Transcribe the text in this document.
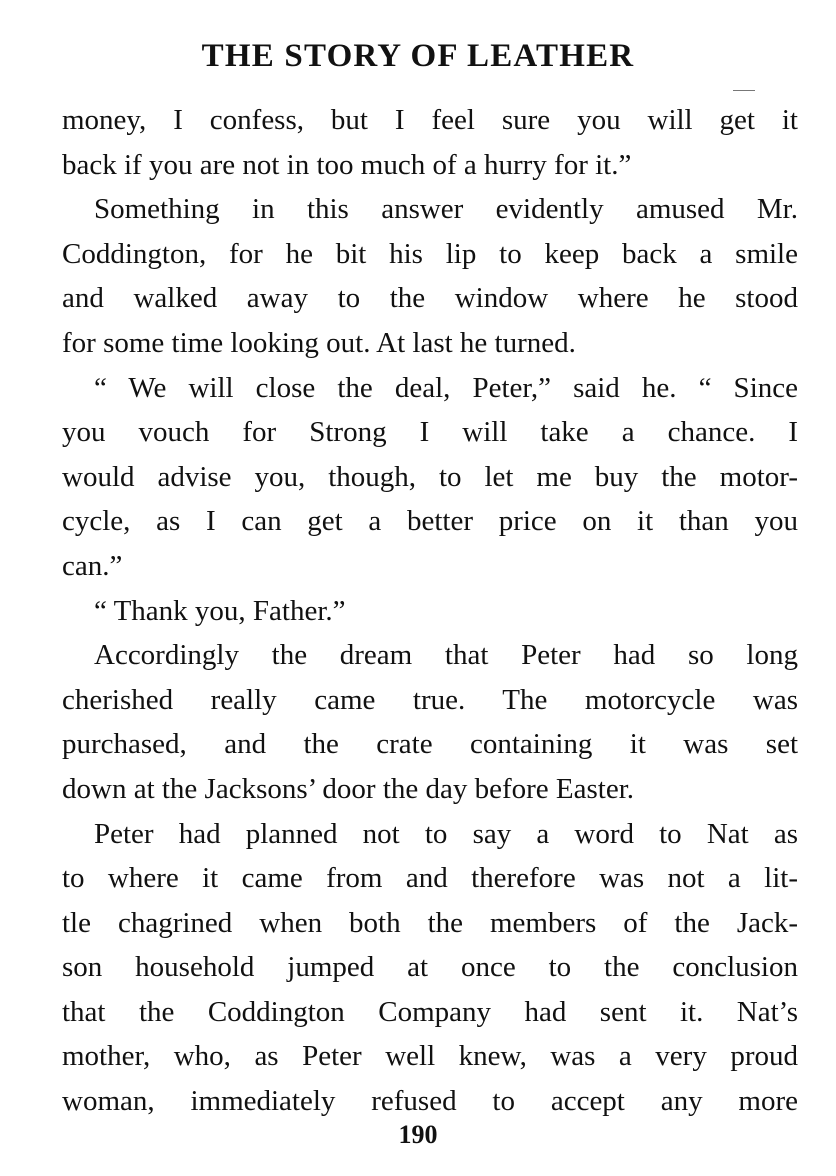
THE STORY OF LEATHER
money, I confess, but I feel sure you will get it
back if you are not in too much of a hurry for it.”
Something in this answer evidently amused Mr.
Coddington, for he bit his lip to keep back a smile
and walked away to the window where he stood
for some time looking out. At last he turned.
“ We will close the deal, Peter,” said he. “ Since
you vouch for Strong I will take a chance. I
would advise you, though, to let me buy the motor-
cycle, as I can get a better price on it than you
can.”
“ Thank you, Father.”
Accordingly the dream that Peter had so long
cherished really came true. The motorcycle was
purchased, and the crate containing it was set
down at the Jacksons’ door the day before Easter.
Peter had planned not to say a word to Nat as
to where it came from and therefore was not a lit-
tle chagrined when both the members of the Jack-
son household jumped at once to the conclusion
that the Coddington Company had sent it. Nat’s
mother, who, as Peter well knew, was a very proud
woman, immediately refused to accept any more
190
